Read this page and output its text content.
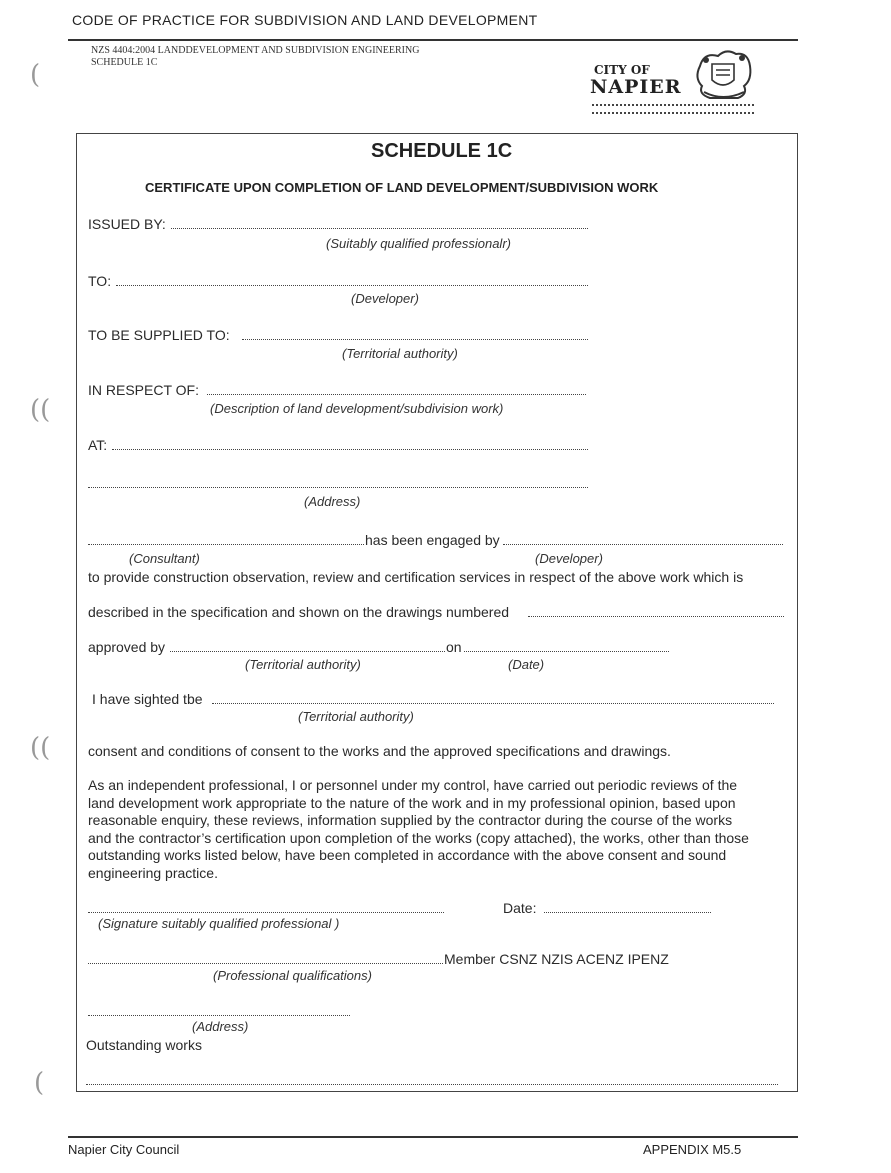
CODE OF PRACTICE FOR SUBDIVISION AND LAND DEVELOPMENT
NZS 4404:2004 LANDDEVELOPMENT AND SUBDIVISION ENGINEERING
SCHEDULE 1C
CITY OF
NAPIER
(
((
((
(
SCHEDULE 1C
CERTIFICATE UPON COMPLETION OF LAND DEVELOPMENT/SUBDIVISION WORK
ISSUED BY:
(Suitably qualified professionalr)
TO:
(Developer)
TO BE SUPPLIED TO:
(Territorial authority)
IN RESPECT OF:
(Description of land development/subdivision work)
AT:
(Address)
has been engaged by
(Consultant)	(Developer)
to provide construction observation, review and certification services in respect of the above work which is
described in the specification and shown on the drawings numbered
approved by	on
(Territorial authority)	(Date)
I have sighted tbe
(Territorial authority)
consent and conditions of consent to the works and the approved specifications and drawings.
As an independent professional, I or personnel under my control, have carried out periodic reviews of the
land development work appropriate to the nature of the work and in my professional opinion, based upon
reasonable enquiry, these reviews, information supplied by the contractor during the course of the works
and the contractor’s certification upon completion of the works (copy attached), the works, other than those
outstanding works listed below, have been completed in accordance with the above consent and sound
engineering practice.
Date:
(Signature suitably qualified professional )
Member CSNZ NZIS ACENZ IPENZ
(Professional qualifications)
(Address)
Outstanding works
Napier City Council	APPENDIX M5.5
